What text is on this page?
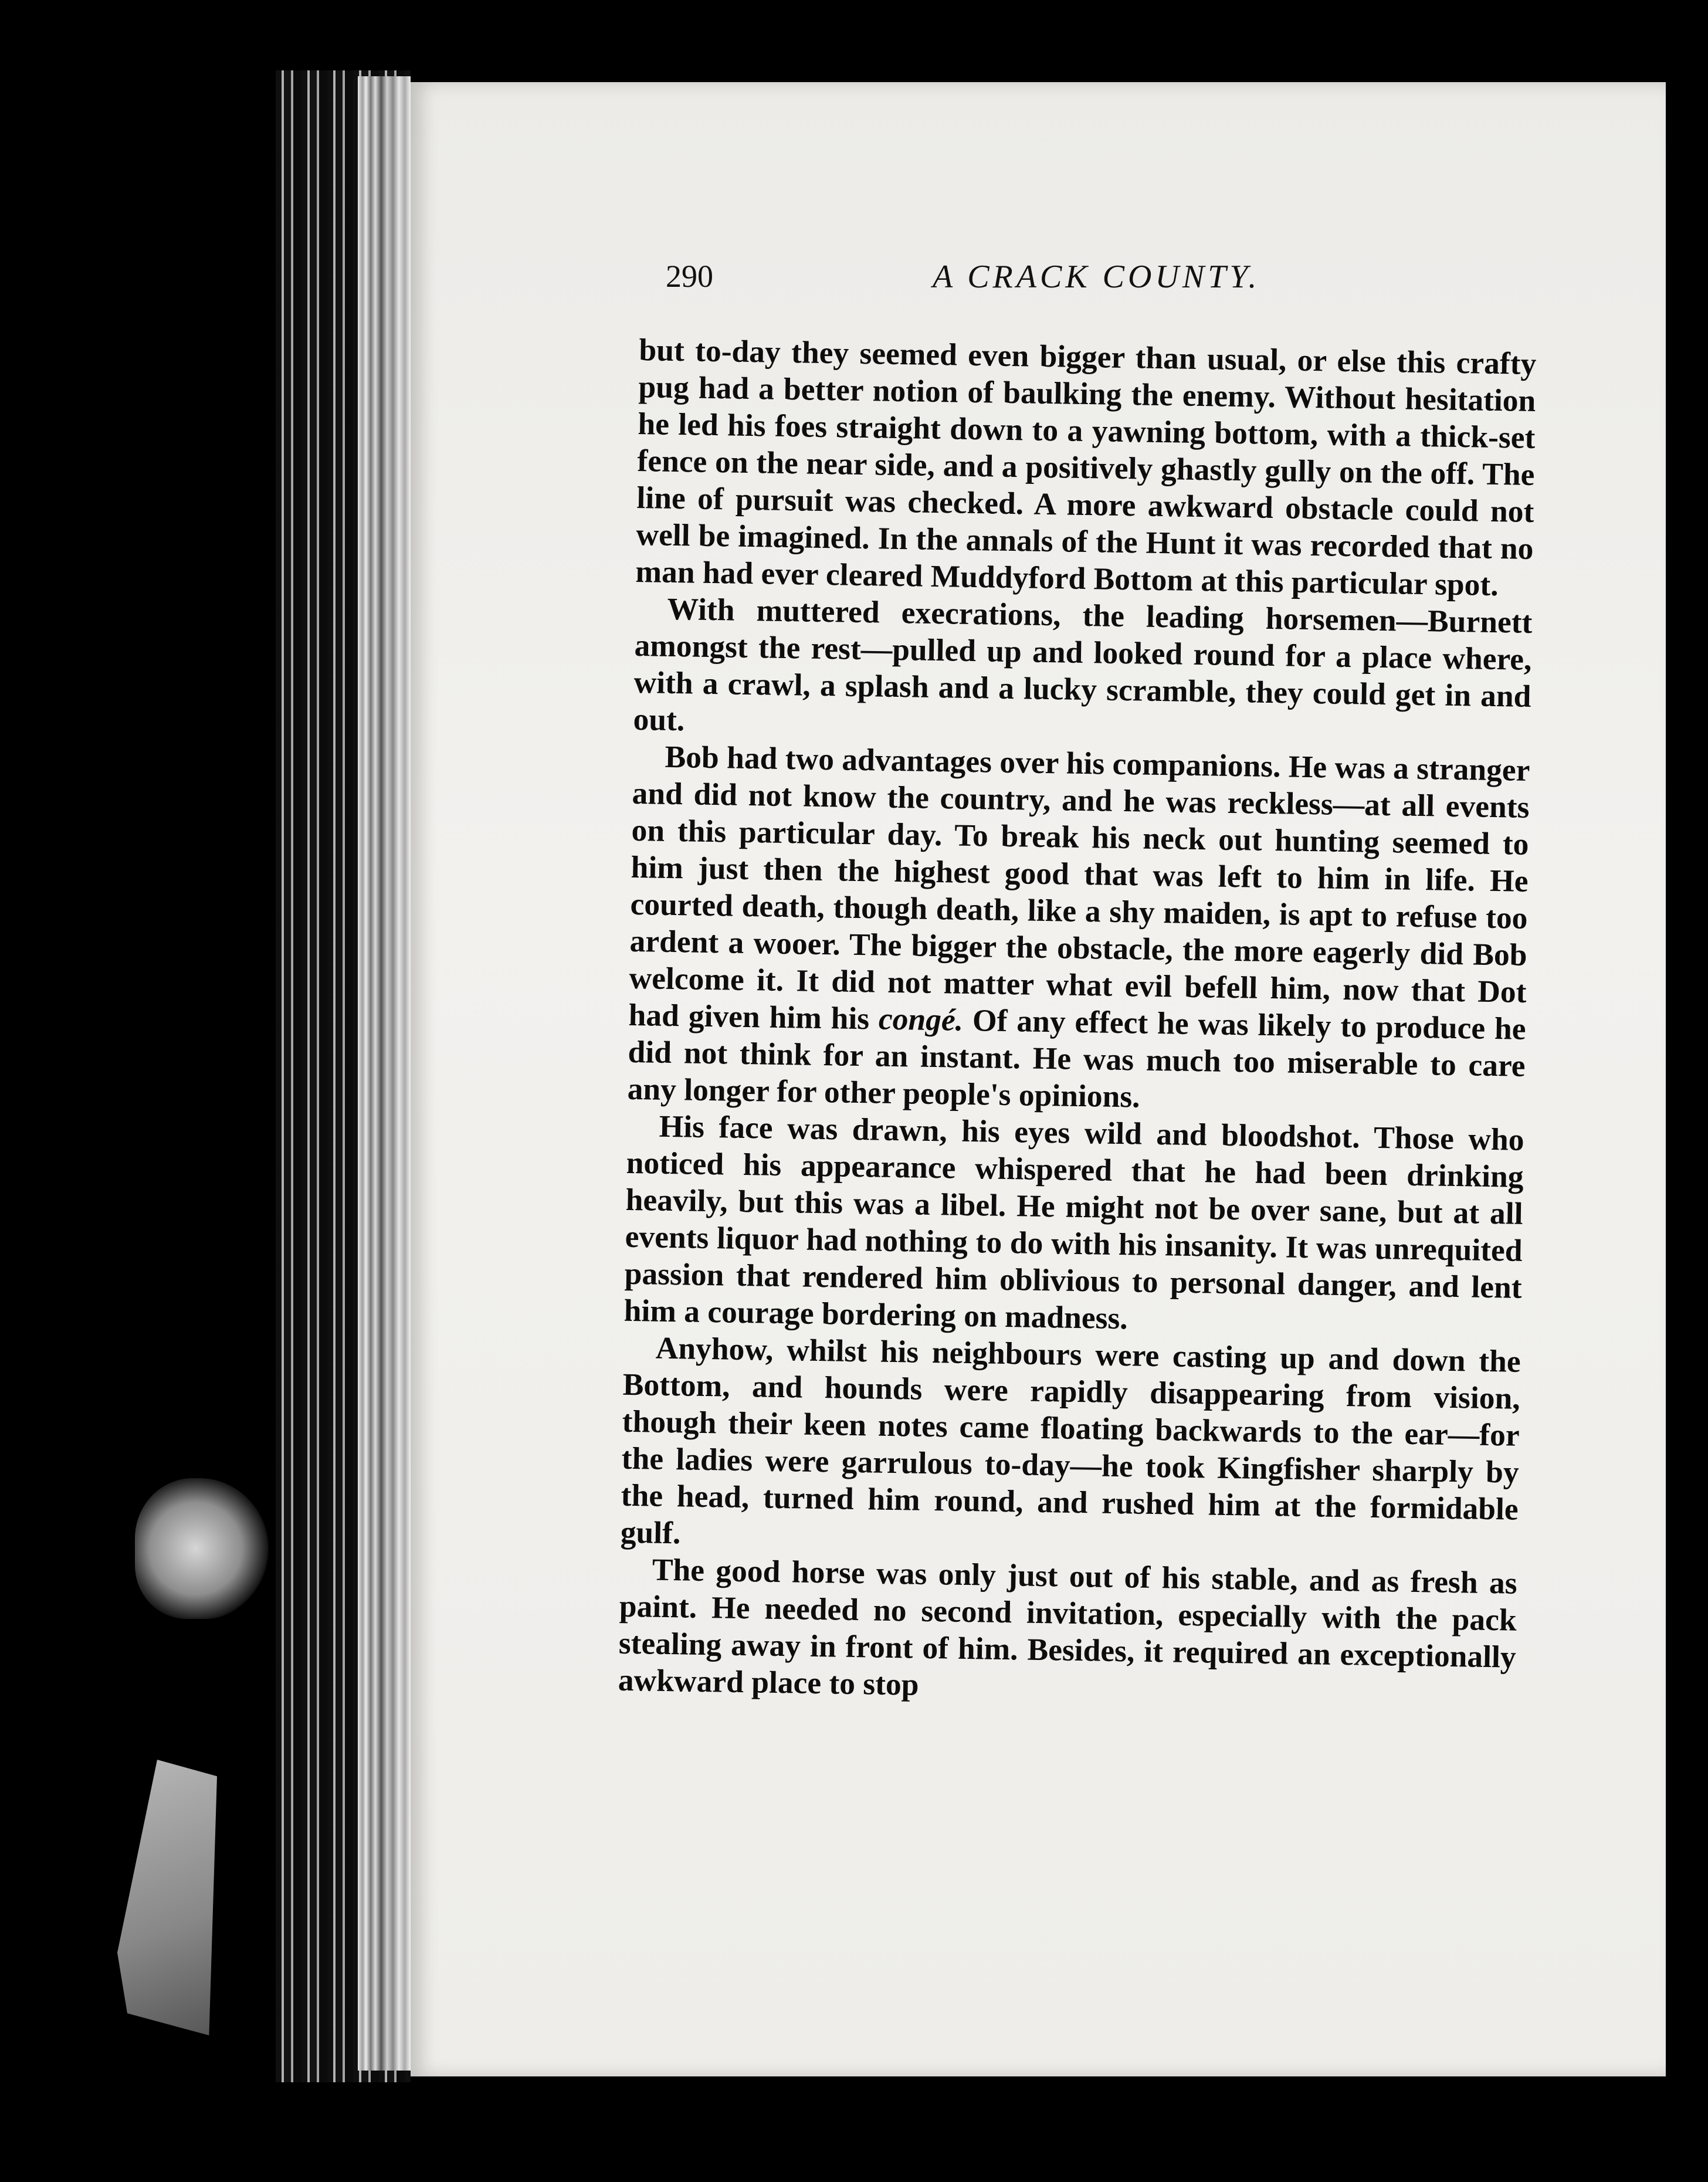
290	A CRACK COUNTY.

but to-day they seemed even bigger than usual, or else this crafty pug had a better notion of baulking the enemy. Without hesitation he led his foes straight down to a yawning bottom, with a thick-set fence on the near side, and a positively ghastly gully on the off. The line of pursuit was checked. A more awkward obstacle could not well be imagined. In the annals of the Hunt it was recorded that no man had ever cleared Muddyford Bottom at this particular spot.

With muttered execrations, the leading horsemen—Burnett amongst the rest—pulled up and looked round for a place where, with a crawl, a splash and a lucky scramble, they could get in and out.

Bob had two advantages over his companions. He was a stranger and did not know the country, and he was reckless—at all events on this particular day. To break his neck out hunting seemed to him just then the highest good that was left to him in life. He courted death, though death, like a shy maiden, is apt to refuse too ardent a wooer. The bigger the obstacle, the more eagerly did Bob welcome it. It did not matter what evil befell him, now that Dot had given him his congé. Of any effect he was likely to produce he did not think for an instant. He was much too miserable to care any longer for other people's opinions.

His face was drawn, his eyes wild and bloodshot. Those who noticed his appearance whispered that he had been drinking heavily, but this was a libel. He might not be over sane, but at all events liquor had nothing to do with his insanity. It was unrequited passion that rendered him oblivious to personal danger, and lent him a courage bordering on madness.

Anyhow, whilst his neighbours were casting up and down the Bottom, and hounds were rapidly disappearing from vision, though their keen notes came floating backwards to the ear—for the ladies were garrulous to-day—he took Kingfisher sharply by the head, turned him round, and rushed him at the formidable gulf.

The good horse was only just out of his stable, and as fresh as paint. He needed no second invitation, especially with the pack stealing away in front of him. Besides, it required an exceptionally awkward place to stop
